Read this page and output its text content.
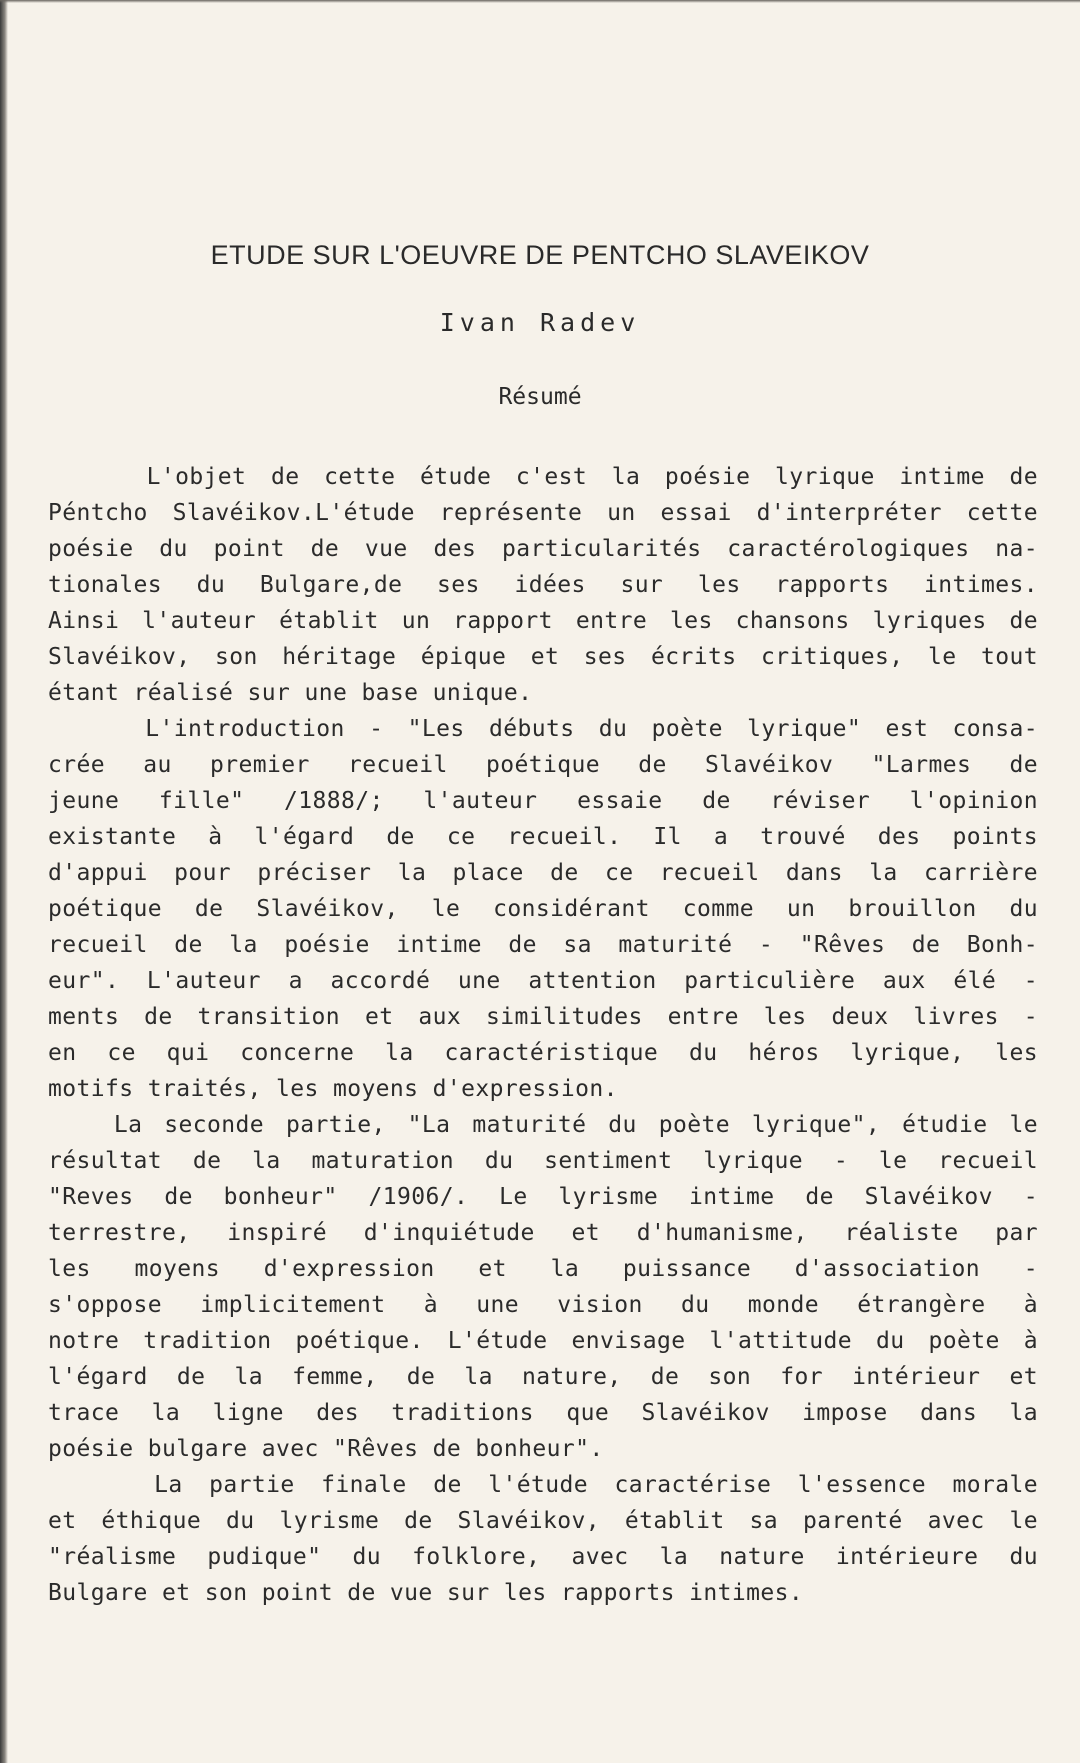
ETUDE SUR L'OEUVRE DE PENTCHO SLAVEIKOV
Ivan Radev
Résumé
L'objet de cette étude c'est la poésie lyrique intime de
Péntcho Slavéikov.L'étude représente un essai d'interpréter cette
poésie du point de vue des particularités caractérologiques na-
tionales du Bulgare,de ses idées sur les rapports intimes.
Ainsi l'auteur établit un rapport entre les chansons lyriques de
Slavéikov, son héritage épique et ses écrits critiques, le tout
étant réalisé sur une base unique.
L'introduction - "Les débuts du poète lyrique" est consa-
crée au premier recueil poétique de Slavéikov "Larmes de
jeune fille" /1888/; l'auteur essaie de réviser l'opinion
existante à l'égard de ce recueil. Il a trouvé des points
d'appui pour préciser la place de ce recueil dans la carrière
poétique de Slavéikov, le considérant comme un brouillon du
recueil de la poésie intime de sa maturité - "Rêves de Bonh-
eur". L'auteur a accordé une attention particulière aux élé -
ments de transition et aux similitudes entre les deux livres -
en ce qui concerne la caractéristique du héros lyrique, les
motifs traités, les moyens d'expression.
La seconde partie, "La maturité du poète lyrique", étudie le
résultat de la maturation du sentiment lyrique - le recueil
"Reves de bonheur" /1906/. Le lyrisme intime de Slavéikov -
terrestre, inspiré d'inquiétude et d'humanisme, réaliste par
les moyens d'expression et la puissance d'association -
s'oppose implicitement à une vision du monde étrangère à
notre tradition poétique. L'étude envisage l'attitude du poète à
l'égard de la femme, de la nature, de son for intérieur et
trace la ligne des traditions que Slavéikov impose dans la
poésie bulgare avec "Rêves de bonheur".
La partie finale de l'étude caractérise l'essence morale
et éthique du lyrisme de Slavéikov, établit sa parenté avec le
"réalisme pudique" du folklore, avec la nature intérieure du
Bulgare et son point de vue sur les rapports intimes.
